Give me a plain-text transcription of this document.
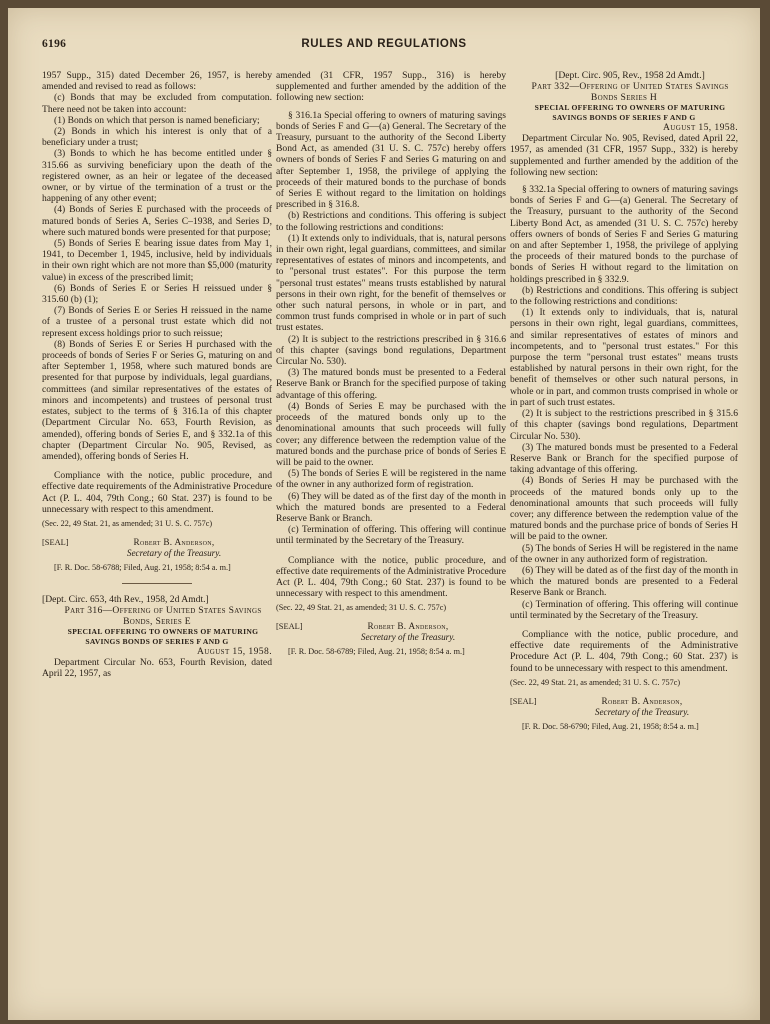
6196	RULES AND REGULATIONS

1957 Supp., 315) dated December 26, 1957, is hereby amended and revised to read as follows:

(c) Bonds that may be excluded from computation. There need not be taken into account:

(1) Bonds on which that person is named beneficiary;

(2) Bonds in which his interest is only that of a beneficiary under a trust;

(3) Bonds to which he has become entitled under § 315.66 as surviving beneficiary upon the death of the registered owner, as an heir or legatee of the deceased owner, or by virtue of the termination of a trust or the happening of any other event;

(4) Bonds of Series E purchased with the proceeds of matured bonds of Series A, Series C–1938, and Series D, where such matured bonds were presented for that purpose;

(5) Bonds of Series E bearing issue dates from May 1, 1941, to December 1, 1945, inclusive, held by individuals in their own right which are not more than $5,000 (maturity value) in excess of the prescribed limit;

(6) Bonds of Series E or Series H reissued under § 315.60 (b) (1);

(7) Bonds of Series E or Series H reissued in the name of a trustee of a personal trust estate which did not represent excess holdings prior to such reissue;

(8) Bonds of Series E or Series H purchased with the proceeds of bonds of Series F or Series G, maturing on and after September 1, 1958, where such matured bonds are presented for that purpose by individuals, legal guardians, committees (and similar representatives of the estates of minors and incompetents) and trustees of personal trust estates, subject to the terms of § 316.1a of this chapter (Department Circular No. 653, Fourth Revision, as amended), offering bonds of Series E, and § 332.1a of this chapter (Department Circular No. 905, Revised, as amended), offering bonds of Series H.

Compliance with the notice, public procedure, and effective date requirements of the Administrative Procedure Act (P. L. 404, 79th Cong.; 60 Stat. 237) is found to be unnecessary with respect to this amendment.

(Sec. 22, 49 Stat. 21, as amended; 31 U. S. C. 757c)

[SEAL]	Robert B. Anderson,
Secretary of the Treasury.

[F. R. Doc. 58-6788; Filed, Aug. 21, 1958; 8:54 a. m.]

[Dept. Circ. 653, 4th Rev., 1958, 2d Amdt.]

Part 316—Offering of United States Savings Bonds, Series E

SPECIAL OFFERING TO OWNERS OF MATURING SAVINGS BONDS OF SERIES F AND G

August 15, 1958.

Department Circular No. 653, Fourth Revision, dated April 22, 1957, as

amended (31 CFR, 1957 Supp., 316) is hereby supplemented and further amended by the addition of the following new section:

§ 316.1a Special offering to owners of maturing savings bonds of Series F and G—(a) General. The Secretary of the Treasury, pursuant to the authority of the Second Liberty Bond Act, as amended (31 U. S. C. 757c) hereby offers owners of bonds of Series F and Series G maturing on and after September 1, 1958, the privilege of applying the proceeds of their matured bonds to the purchase of bonds of Series E without regard to the limitation on holdings prescribed in § 316.8.

(b) Restrictions and conditions. This offering is subject to the following restrictions and conditions:

(1) It extends only to individuals, that is, natural persons in their own right, legal guardians, committees, and similar representatives of estates of minors and incompetents, and to "personal trust estates". For this purpose the term "personal trust estates" means trusts established by natural persons in their own right, for the benefit of themselves or other such natural persons, in whole or in part, and common trust funds comprised in whole or in part of such trust estates.

(2) It is subject to the restrictions prescribed in § 316.6 of this chapter (savings bond regulations, Department Circular No. 530).

(3) The matured bonds must be presented to a Federal Reserve Bank or Branch for the specified purpose of taking advantage of this offering.

(4) Bonds of Series E may be purchased with the proceeds of the matured bonds only up to the denominational amounts that such proceeds will fully cover; any difference between the redemption value of the matured bonds and the purchase price of bonds of Series E will be paid to the owner.

(5) The bonds of Series E will be registered in the name of the owner in any authorized form of registration.

(6) They will be dated as of the first day of the month in which the matured bonds are presented to a Federal Reserve Bank or Branch.

(c) Termination of offering. This offering will continue until terminated by the Secretary of the Treasury.

Compliance with the notice, public procedure, and effective date requirements of the Administrative Procedure Act (P. L. 404, 79th Cong.; 60 Stat. 237) is found to be unnecessary with respect to this amendment.

(Sec. 22, 49 Stat. 21, as amended; 31 U. S. C. 757c)

[SEAL]	Robert B. Anderson,
Secretary of the Treasury.

[F. R. Doc. 58-6789; Filed, Aug. 21, 1958; 8:54 a. m.]

[Dept. Circ. 905, Rev., 1958 2d Amdt.]

Part 332—Offering of United States Savings Bonds Series H

SPECIAL OFFERING TO OWNERS OF MATURING SAVINGS BONDS OF SERIES F AND G

August 15, 1958.

Department Circular No. 905, Revised, dated April 22, 1957, as amended (31 CFR, 1957 Supp., 332) is hereby supplemented and further amended by the addition of the following new section:

§ 332.1a Special offering to owners of maturing savings bonds of Series F and G—(a) General. The Secretary of the Treasury, pursuant to the authority of the Second Liberty Bond Act, as amended (31 U. S. C. 757c) hereby offers owners of bonds of Series F and Series G maturing on and after September 1, 1958, the privilege of applying the proceeds of their matured bonds to the purchase of bonds of Series H without regard to the limitation on holdings prescribed in § 332.9.

(b) Restrictions and conditions. This offering is subject to the following restrictions and conditions:

(1) It extends only to individuals, that is, natural persons in their own right, legal guardians, committees, and similar representatives of estates of minors and incompetents, and to "personal trust estates." For this purpose the term "personal trust estates" means trusts established by natural persons in their own right, for the benefit of themselves or other such natural persons, in whole or in part, and common trusts comprised in whole or in part of such trust estates.

(2) It is subject to the restrictions prescribed in § 315.6 of this chapter (savings bond regulations, Department Circular No. 530).

(3) The matured bonds must be presented to a Federal Reserve Bank or Branch for the specified purpose of taking advantage of this offering.

(4) Bonds of Series H may be purchased with the proceeds of the matured bonds only up to the denominational amounts that such proceeds will fully cover; any difference between the redemption value of the matured bonds and the purchase price of bonds of Series H will be paid to the owner.

(5) The bonds of Series H will be registered in the name of the owner in any authorized form of registration.

(6) They will be dated as of the first day of the month in which the matured bonds are presented to a Federal Reserve Bank or Branch.

(c) Termination of offering. This offering will continue until terminated by the Secretary of the Treasury.

Compliance with the notice, public procedure, and effective date requirements of the Administrative Procedure Act (P. L. 404, 79th Cong.; 60 Stat. 237) is found to be unnecessary with respect to this amendment.

(Sec. 22, 49 Stat. 21, as amended; 31 U. S. C. 757c)

[SEAL]	Robert B. Anderson,
Secretary of the Treasury.

[F. R. Doc. 58-6790; Filed, Aug. 21, 1958; 8:54 a. m.]
